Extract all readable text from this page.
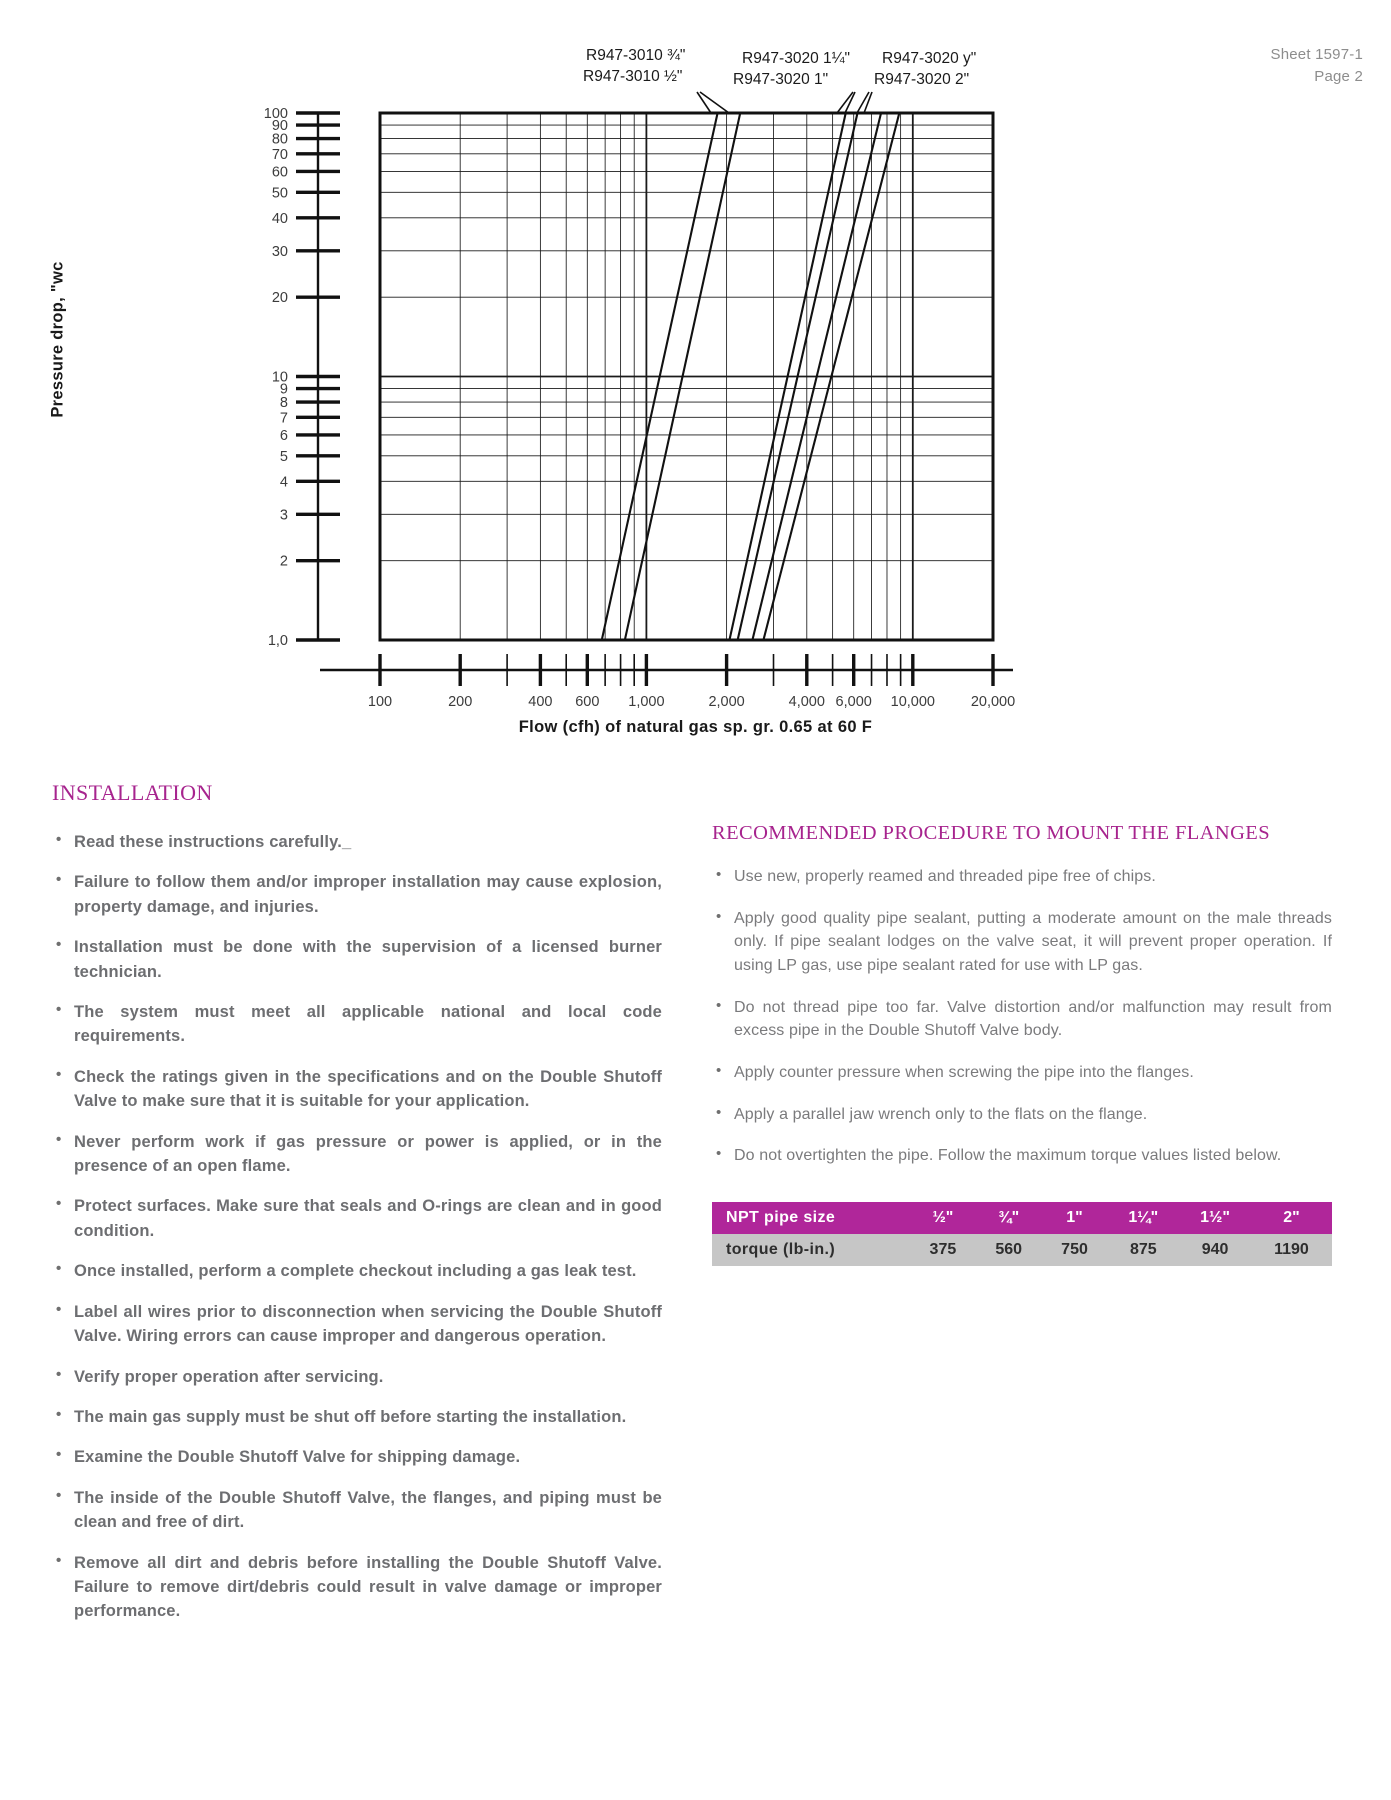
Sheet 1597-1
Page 2
R947-3010 ¾"
R947-3010 ½"
R947-3020 1¼"
R947-3020 1"
R947-3020 y"
R947-3020 2"
1,0
2
3
4
5
6
7
8
9
10
20
30
40
50
60
70
80
90
100
100	200	400 600 1,000	2,000	4,000 6,000 10,000 20,000
Pressure drop, "wc
Flow (cfh) of natural gas sp. gr. 0.65 at 60 F
INSTALLATION
• Read these instructions carefully._
• Failure to follow them and/or improper installation may cause explosion, property damage, and injuries.
• Installation must be done with the supervision of a licensed burner technician.
• The system must meet all applicable national and local code requirements.
• Check the ratings given in the specifications and on the Double Shutoff Valve to make sure that it is suitable for your application.
• Never perform work if gas pressure or power is applied, or in the presence of an open flame.
• Protect surfaces. Make sure that seals and O-rings are clean and in good condition.
• Once installed, perform a complete checkout including a gas leak test.
• Label all wires prior to disconnection when servicing the Double Shutoff Valve. Wiring errors can cause improper and dangerous operation.
• Verify proper operation after servicing.
• The main gas supply must be shut off before starting the installation.
• Examine the Double Shutoff Valve for shipping damage.
• The inside of the Double Shutoff Valve, the flanges, and piping must be clean and free of dirt.
• Remove all dirt and debris before installing the Double Shutoff Valve. Failure to remove dirt/debris could result in valve damage or improper performance.
RECOMMENDED PROCEDURE TO MOUNT THE FLANGES
• Use new, properly reamed and threaded pipe free of chips.
• Apply good quality pipe sealant, putting a moderate amount on the male threads only. If pipe sealant lodges on the valve seat, it will prevent proper operation. If using LP gas, use pipe sealant rated for use with LP gas.
• Do not thread pipe too far. Valve distortion and/or malfunction may result from excess pipe in the Double Shutoff Valve body.
• Apply counter pressure when screwing the pipe into the flanges.
• Apply a parallel jaw wrench only to the flats on the flange.
• Do not overtighten the pipe. Follow the maximum torque values listed below.
NPT pipe size	½"	¾"	1"	1¼"	1½"	2"
torque (lb-in.)	375	560	750	875	940	1190
